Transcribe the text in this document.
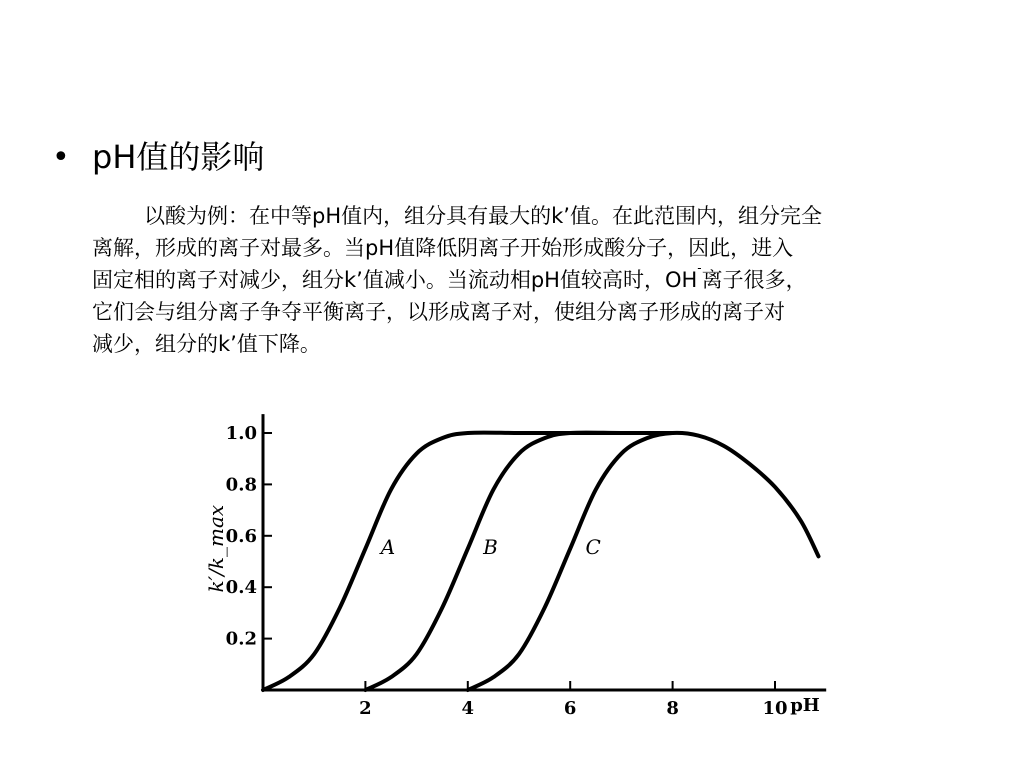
• pH值的影响

以酸为例：在中等pH值内，组分具有最大的k’值。在此范围内，组分完全

离解，形成的离子对最多。当pH值降低阴离子开始形成酸分子，因此，进入

固定相的离子对减少，组分k’值减小。当流动相pH值较高时，OH-离子很多，

它们会与组分离子争夺平衡离子，以形成离子对，使组分离子形成的离子对

减少，组分的k’值下降。

2	4	6	8	10 pH
0.2
0.4
0.6
0.8
1.0
k′/k_max	A	B	C
